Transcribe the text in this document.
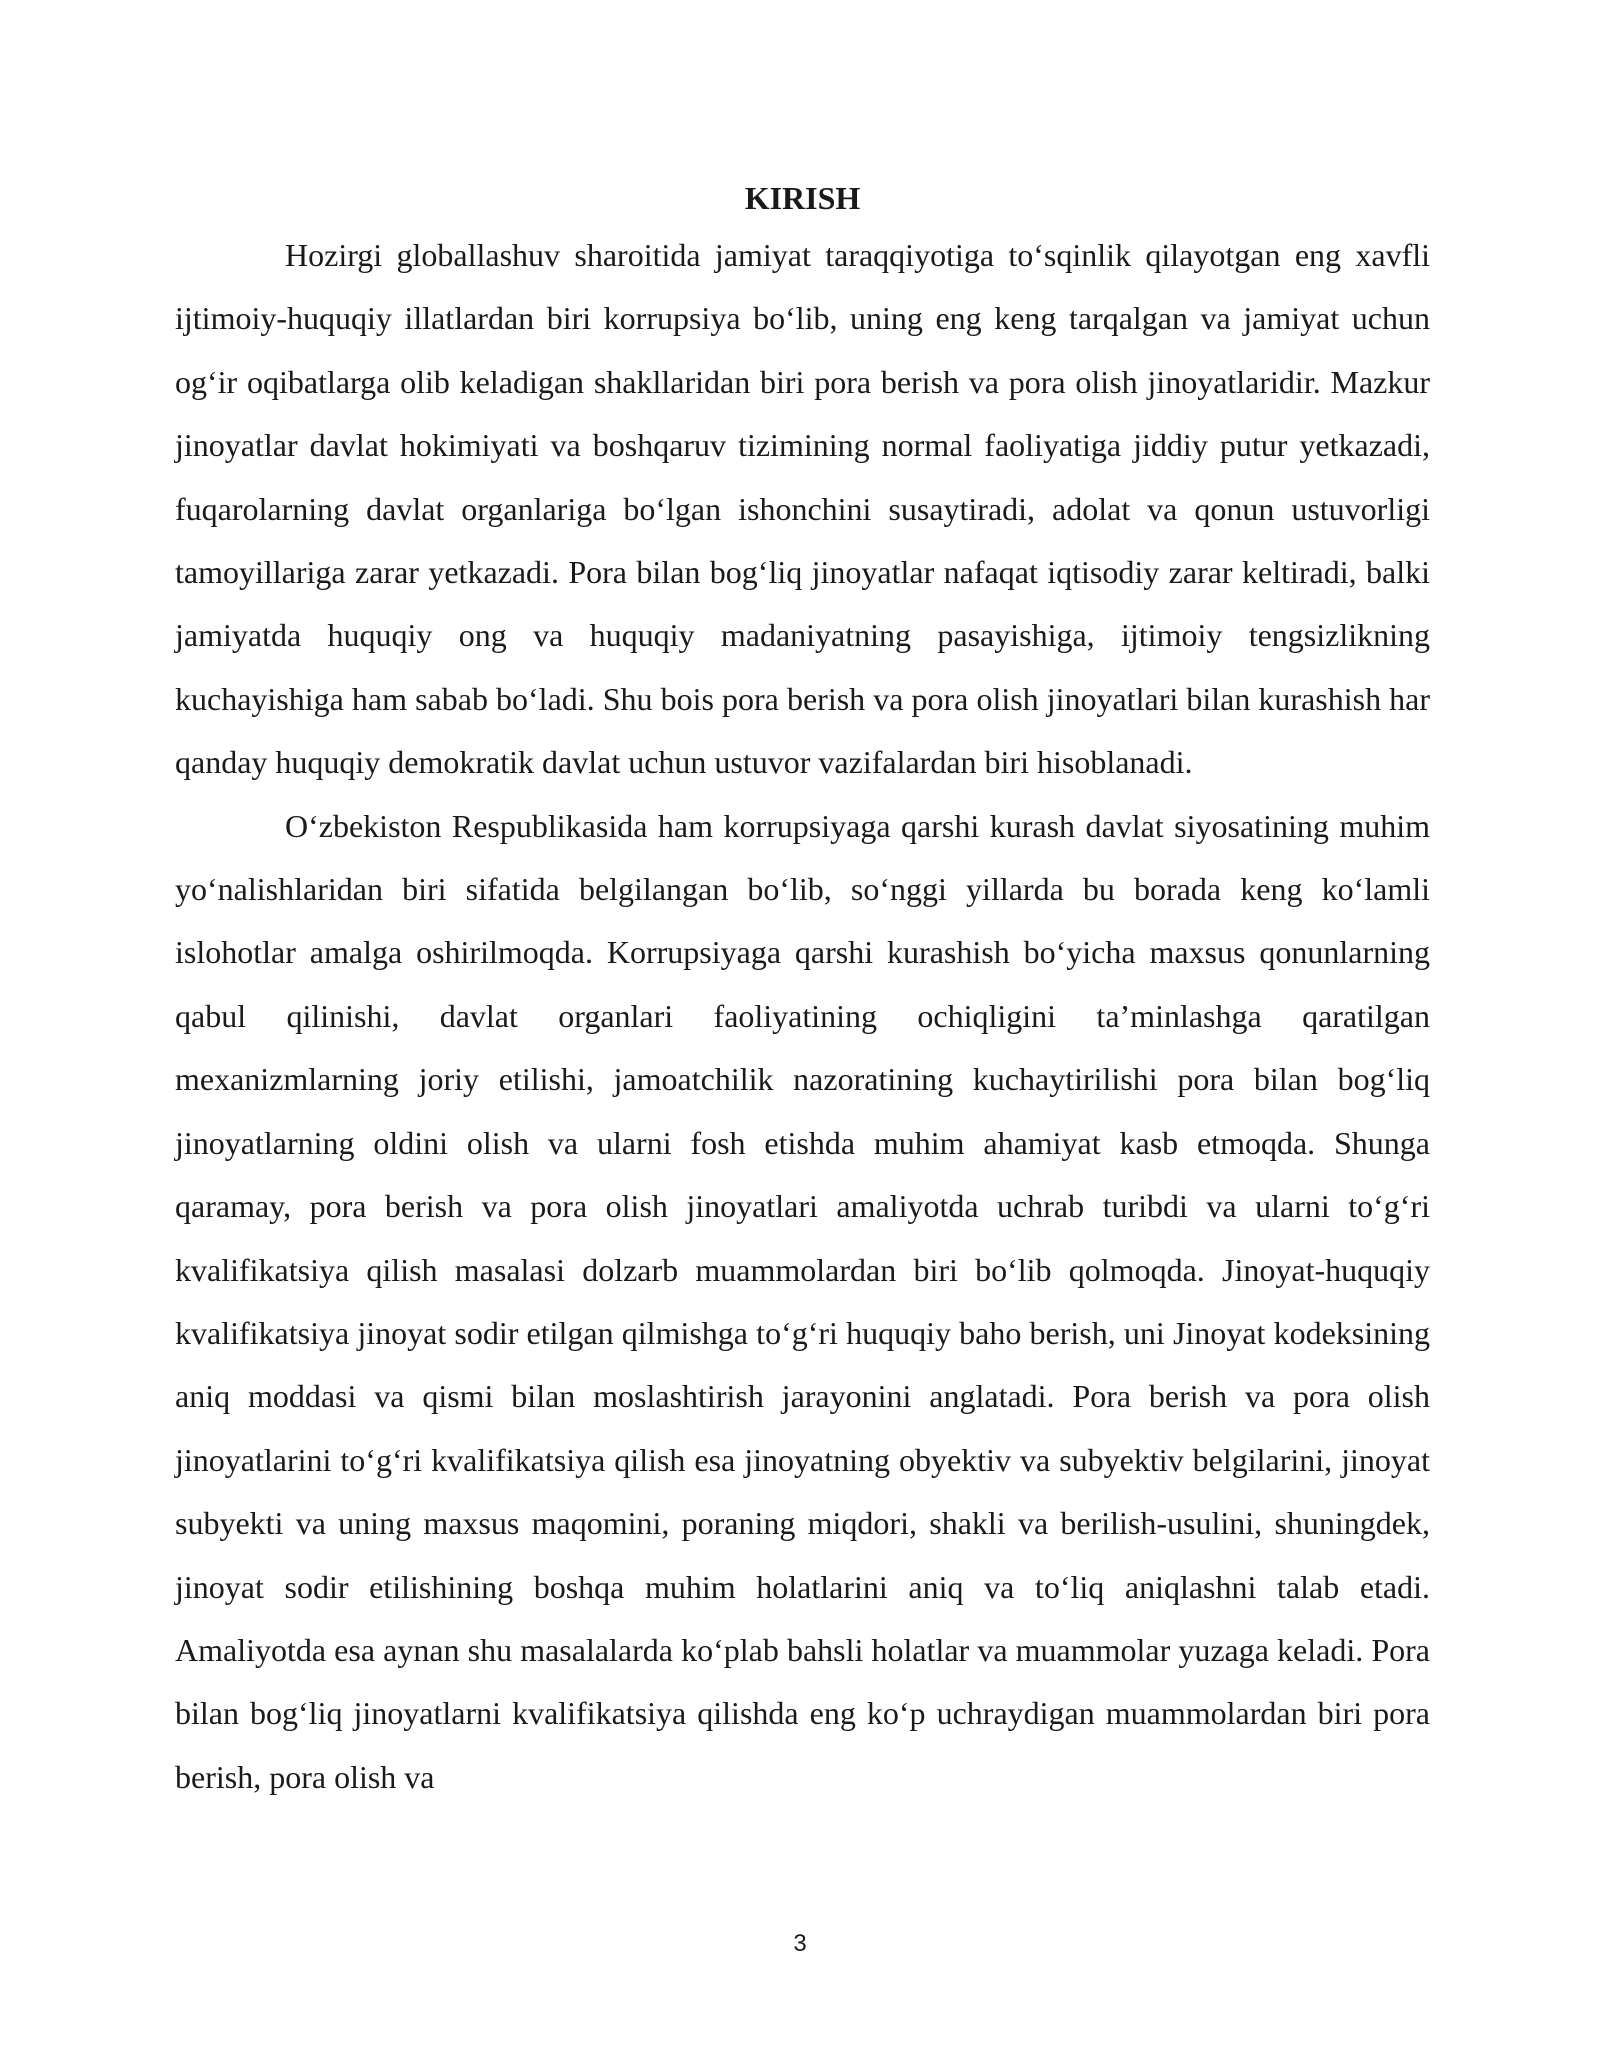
KIRISH

Hozirgi globallashuv sharoitida jamiyat taraqqiyotiga to‘sqinlik qilayotgan eng xavfli ijtimoiy-huquqiy illatlardan biri korrupsiya bo‘lib, uning eng keng tarqalgan va jamiyat uchun og‘ir oqibatlarga olib keladigan shakllaridan biri pora berish va pora olish jinoyatlaridir. Mazkur jinoyatlar davlat hokimiyati va boshqaruv tizimining normal faoliyatiga jiddiy putur yetkazadi, fuqarolarning davlat organlariga bo‘lgan ishonchini susaytiradi, adolat va qonun ustuvorligi tamoyillariga zarar yetkazadi. Pora bilan bog‘liq jinoyatlar nafaqat iqtisodiy zarar keltiradi, balki jamiyatda huquqiy ong va huquqiy madaniyatning pasayishiga, ijtimoiy tengsizlikning kuchayishiga ham sabab bo‘ladi. Shu bois pora berish va pora olish jinoyatlari bilan kurashish har qanday huquqiy demokratik davlat uchun ustuvor vazifalardan biri hisoblanadi.

O‘zbekiston Respublikasida ham korrupsiyaga qarshi kurash davlat siyosatining muhim yo‘nalishlaridan biri sifatida belgilangan bo‘lib, so‘nggi yillarda bu borada keng ko‘lamli islohotlar amalga oshirilmoqda. Korrupsiyaga qarshi kurashish bo‘yicha maxsus qonunlarning qabul qilinishi, davlat organlari faoliyatining ochiqligini ta’minlashga qaratilgan mexanizmlarning joriy etilishi, jamoatchilik nazoratining kuchaytirilishi pora bilan bog‘liq jinoyatlarning oldini olish va ularni fosh etishda muhim ahamiyat kasb etmoqda. Shunga qaramay, pora berish va pora olish jinoyatlari amaliyotda uchrab turibdi va ularni to‘g‘ri kvalifikatsiya qilish masalasi dolzarb muammolardan biri bo‘lib qolmoqda. Jinoyat-huquqiy kvalifikatsiya jinoyat sodir etilgan qilmishga to‘g‘ri huquqiy baho berish, uni Jinoyat kodeksining aniq moddasi va qismi bilan moslashtirish jarayonini anglatadi. Pora berish va pora olish jinoyatlarini to‘g‘ri kvalifikatsiya qilish esa jinoyatning obyektiv va subyektiv belgilarini, jinoyat subyekti va uning maxsus maqomini, poraning miqdori, shakli va berilish-usulini, shuningdek, jinoyat sodir etilishining boshqa muhim holatlarini aniq va to‘liq aniqlashni talab etadi. Amaliyotda esa aynan shu masalalarda ko‘plab bahsli holatlar va muammolar yuzaga keladi. Pora bilan bog‘liq jinoyatlarni kvalifikatsiya qilishda eng ko‘p uchraydigan muammolardan biri pora berish, pora olish va

3
